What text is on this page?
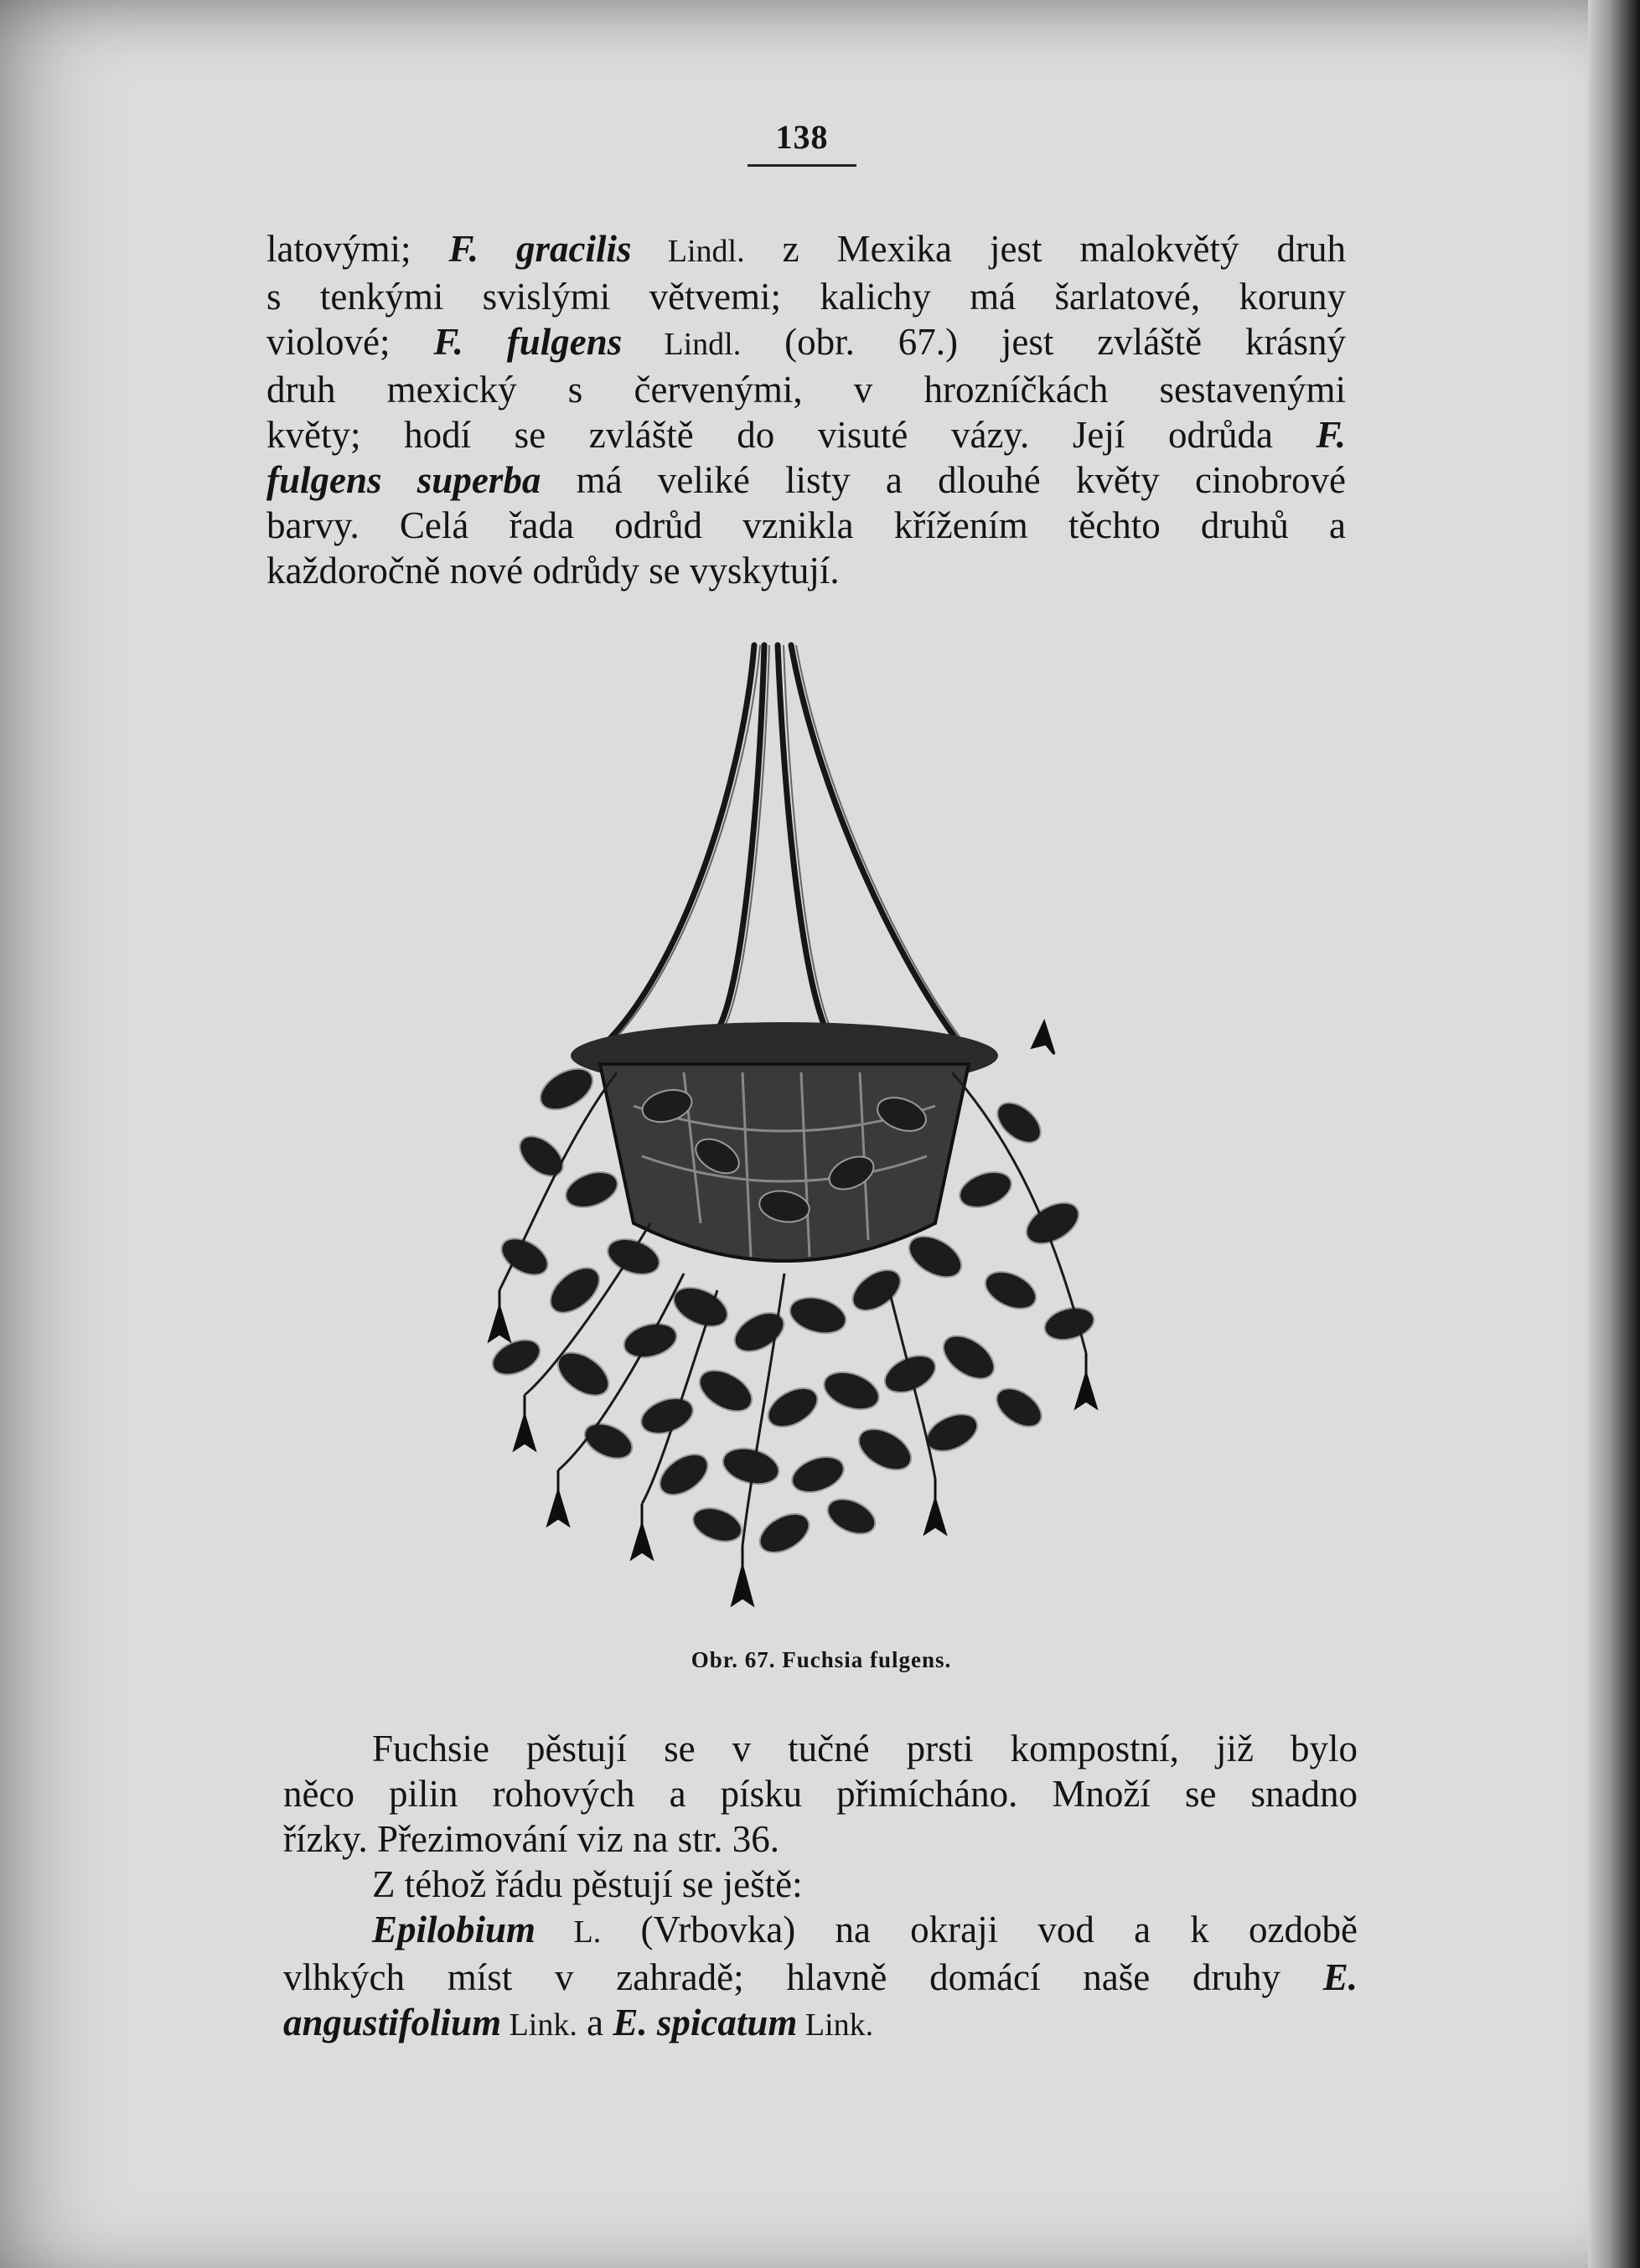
138
latovými; F. gracilis Lindl. z Mexika jest malokvětý druh
s tenkými svislými větvemi; kalichy má šarlatové, koruny
violové; F. fulgens Lindl. (obr. 67.) jest zvláště krásný
druh mexický s červenými, v hrozníčkách sestavenými
květy; hodí se zvláště do visuté vázy. Její odrůda F.
fulgens superba má veliké listy a dlouhé květy cinobrové
barvy. Celá řada odrůd vznikla křížením těchto druhů a
každoročně nové odrůdy se vyskytují.
Obr. 67. Fuchsia fulgens.
Fuchsie pěstují se v tučné prsti kompostní, již bylo
něco pilin rohových a písku přimícháno. Množí se snadno
řízky. Přezimování viz na str. 36.
Z téhož řádu pěstují se ještě:
Epilobium L. (Vrbovka) na okraji vod a k ozdobě
vlhkých míst v zahradě; hlavně domácí naše druhy E.
angustifolium Link. a E. spicatum Link.
